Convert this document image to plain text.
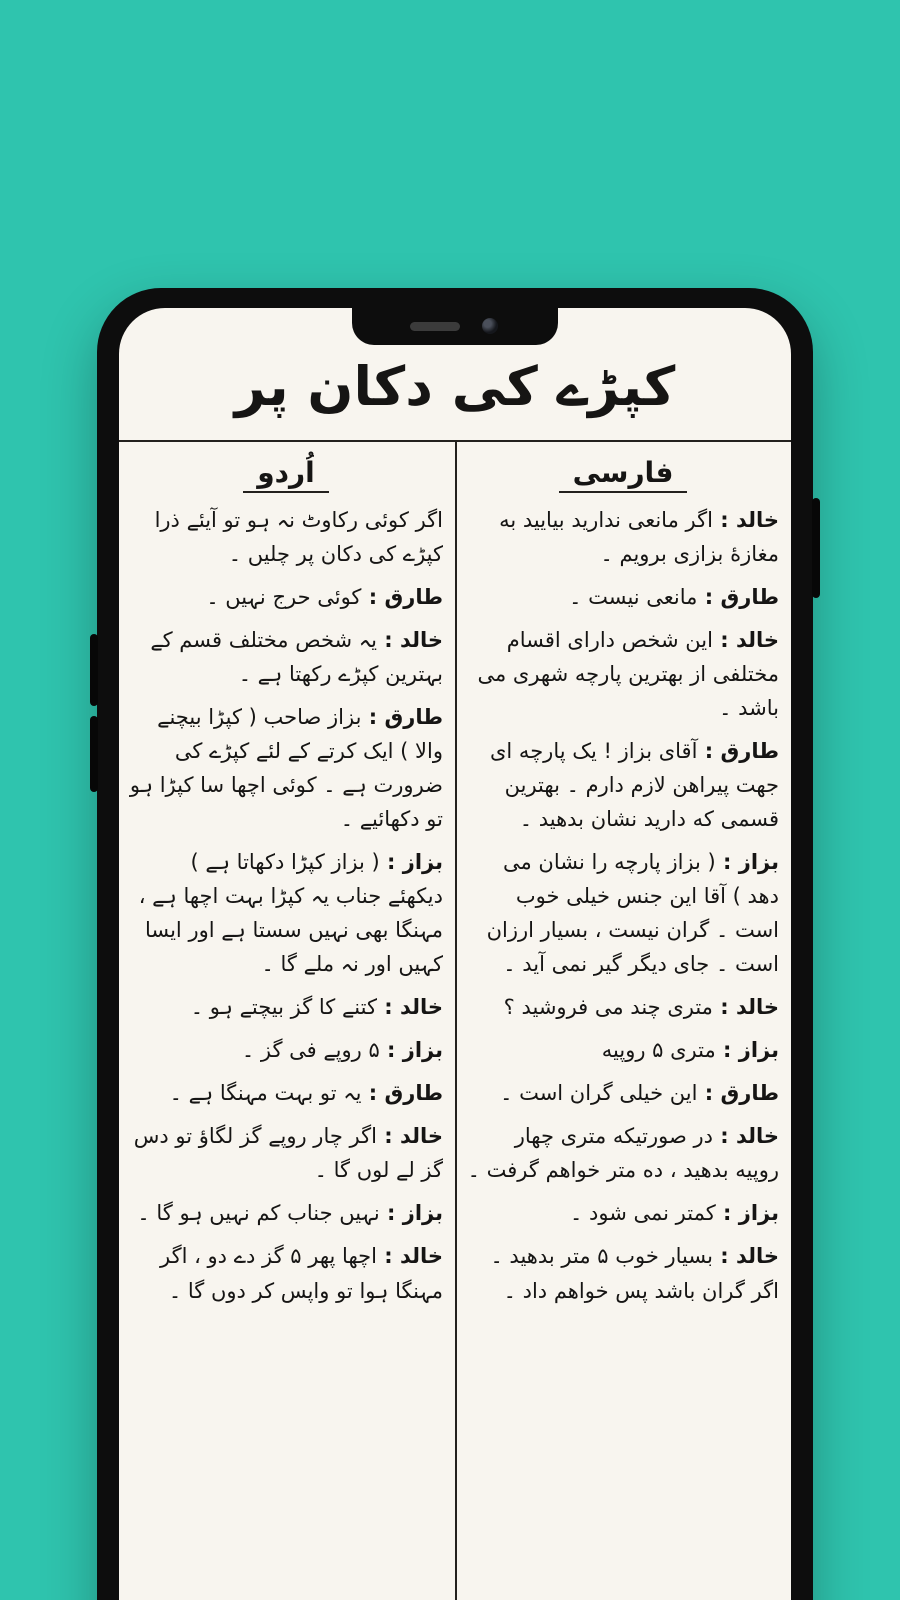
کپڑے کی دکان پر
فارسی

خالد : اگر مانعی ندارید بیایید به مغازهٔ بزازی برویم ۔

طارق : مانعی نیست ۔

خالد : این شخص دارای اقسام مختلفی از بهترین پارچه شهری می باشد ۔

طارق : آقای بزاز ! یک پارچه ای جهت پیراهن لازم دارم ۔ بهترین قسمی که دارید نشان بدهید ۔

بزاز : ( بزاز پارچه را نشان می دهد ) آقا این جنس خیلی خوب است ۔ گران نیست ، بسیار ارزان است ۔ جای دیگر گیر نمی آید ۔

خالد : متری چند می فروشید ؟

بزاز : متری ۵ روپیه

طارق : این خیلی گران است ۔

خالد : در صورتیکه متری چهار روپیه بدهید ، ده متر خواهم گرفت ۔

بزاز : کمتر نمی شود ۔

خالد : بسیار خوب ۵ متر بدهید ۔ اگر گران باشد پس خواهم داد ۔

اُردو

اگر کوئی رکاوٹ نہ ہو تو آیئے ذرا کپڑے کی دکان پر چلیں ۔

طارق : کوئی حرج نہیں ۔

خالد : یہ شخص مختلف قسم کے بہترین کپڑے رکھتا ہے ۔

طارق : بزاز صاحب ( کپڑا بیچنے والا ) ایک کرتے کے لئے کپڑے کی ضرورت ہے ۔ کوئی اچھا سا کپڑا ہو تو دکھائیے ۔

بزاز : ( بزاز کپڑا دکھاتا ہے ) دیکھئے جناب یہ کپڑا بہت اچھا ہے ، مہنگا بھی نہیں سستا ہے اور ایسا کہیں اور نہ ملے گا ۔

خالد : کتنے کا گز بیچتے ہو ۔

بزاز : ۵ روپے فی گز ۔

طارق : یہ تو بہت مہنگا ہے ۔

خالد : اگر چار روپے گز لگاؤ تو دس گز لے لوں گا ۔

بزاز : نہیں جناب کم نہیں ہو گا ۔

خالد : اچھا پھر ۵ گز دے دو ، اگر مہنگا ہوا تو واپس کر دوں گا ۔
